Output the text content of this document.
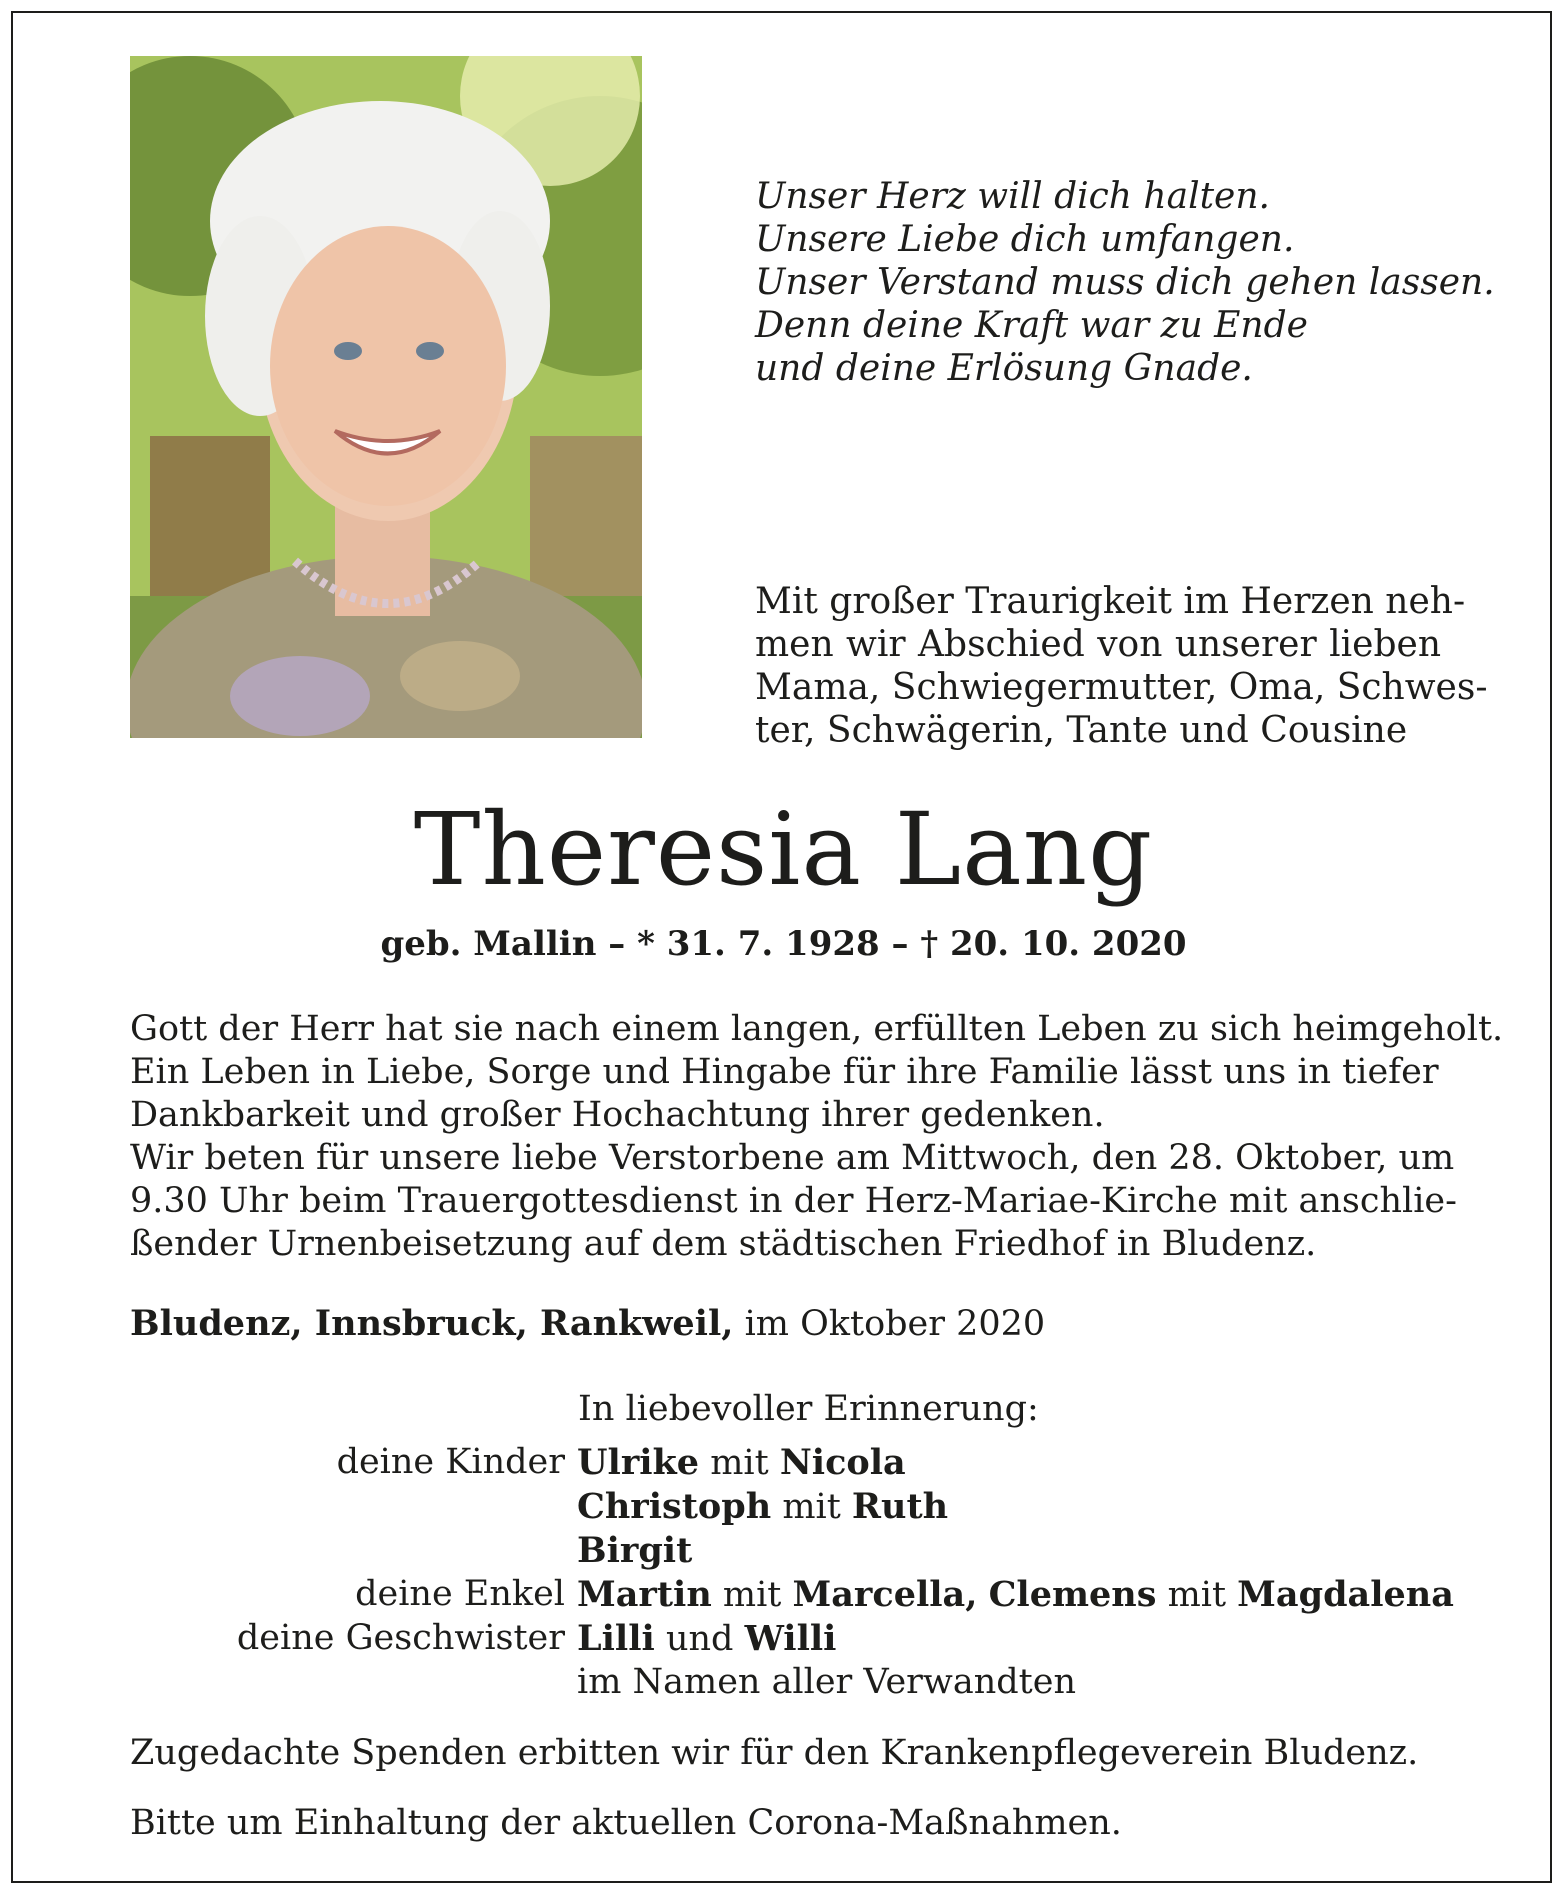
Unser Herz will dich halten.
Unsere Liebe dich umfangen.
Unser Verstand muss dich gehen lassen.
Denn deine Kraft war zu Ende
und deine Erlösung Gnade.
Mit großer Traurigkeit im Herzen neh-
men wir Abschied von unserer lieben
Mama, Schwiegermutter, Oma, Schwes-
ter, Schwägerin, Tante und Cousine
Theresia Lang
geb. Mallin – * 31. 7. 1928 – † 20. 10. 2020
Gott der Herr hat sie nach einem langen, erfüllten Leben zu sich heimgeholt.
Ein Leben in Liebe, Sorge und Hingabe für ihre Familie lässt uns in tiefer
Dankbarkeit und großer Hochachtung ihrer gedenken.
Wir beten für unsere liebe Verstorbene am Mittwoch, den 28. Oktober, um
9.30 Uhr beim Trauergottesdienst in der Herz-Mariae-Kirche mit anschlie-
ßender Urnenbeisetzung auf dem städtischen Friedhof in Bludenz.
Bludenz, Innsbruck, Rankweil, im Oktober 2020
In liebevoller Erinnerung:
deine Kinder Ulrike mit Nicola
Christoph mit Ruth
Birgit
deine Enkel Martin mit Marcella, Clemens mit Magdalena
deine Geschwister Lilli und Willi
im Namen aller Verwandten
Zugedachte Spenden erbitten wir für den Krankenpflegeverein Bludenz.
Bitte um Einhaltung der aktuellen Corona-Maßnahmen.
